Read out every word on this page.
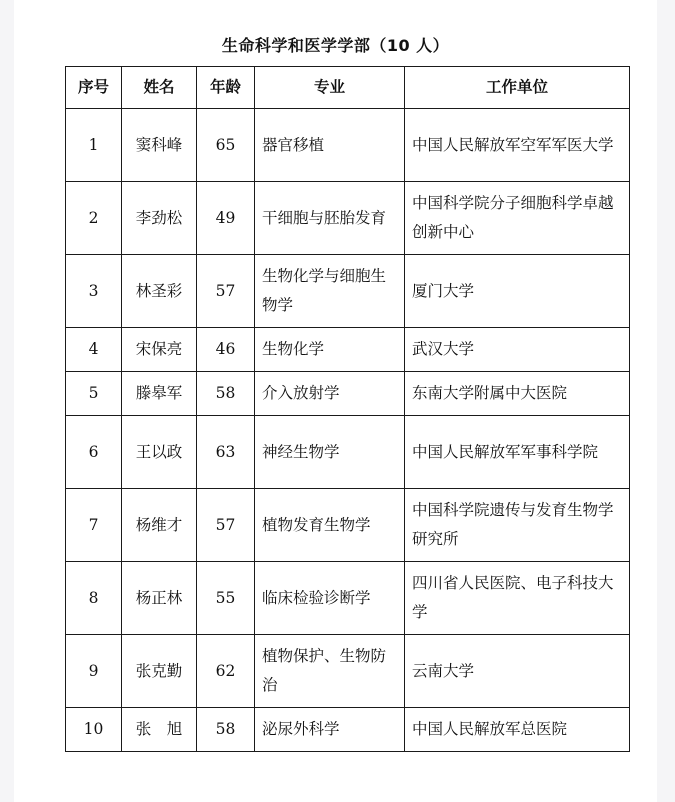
生命科学和医学学部（10 人）
序号	姓名	年龄	专业	工作单位
1	窦科峰	65	器官移植	中国人民解放军空军军医大学
2	李劲松	49	干细胞与胚胎发育	中国科学院分子细胞科学卓越创新中心
3	林圣彩	57	生物化学与细胞生物学	厦门大学
4	宋保亮	46	生物化学	武汉大学
5	滕皋军	58	介入放射学	东南大学附属中大医院
6	王以政	63	神经生物学	中国人民解放军军事科学院
7	杨维才	57	植物发育生物学	中国科学院遗传与发育生物学研究所
8	杨正林	55	临床检验诊断学	四川省人民医院、电子科技大学
9	张克勤	62	植物保护、生物防治	云南大学
10	张　旭	58	泌尿外科学	中国人民解放军总医院
